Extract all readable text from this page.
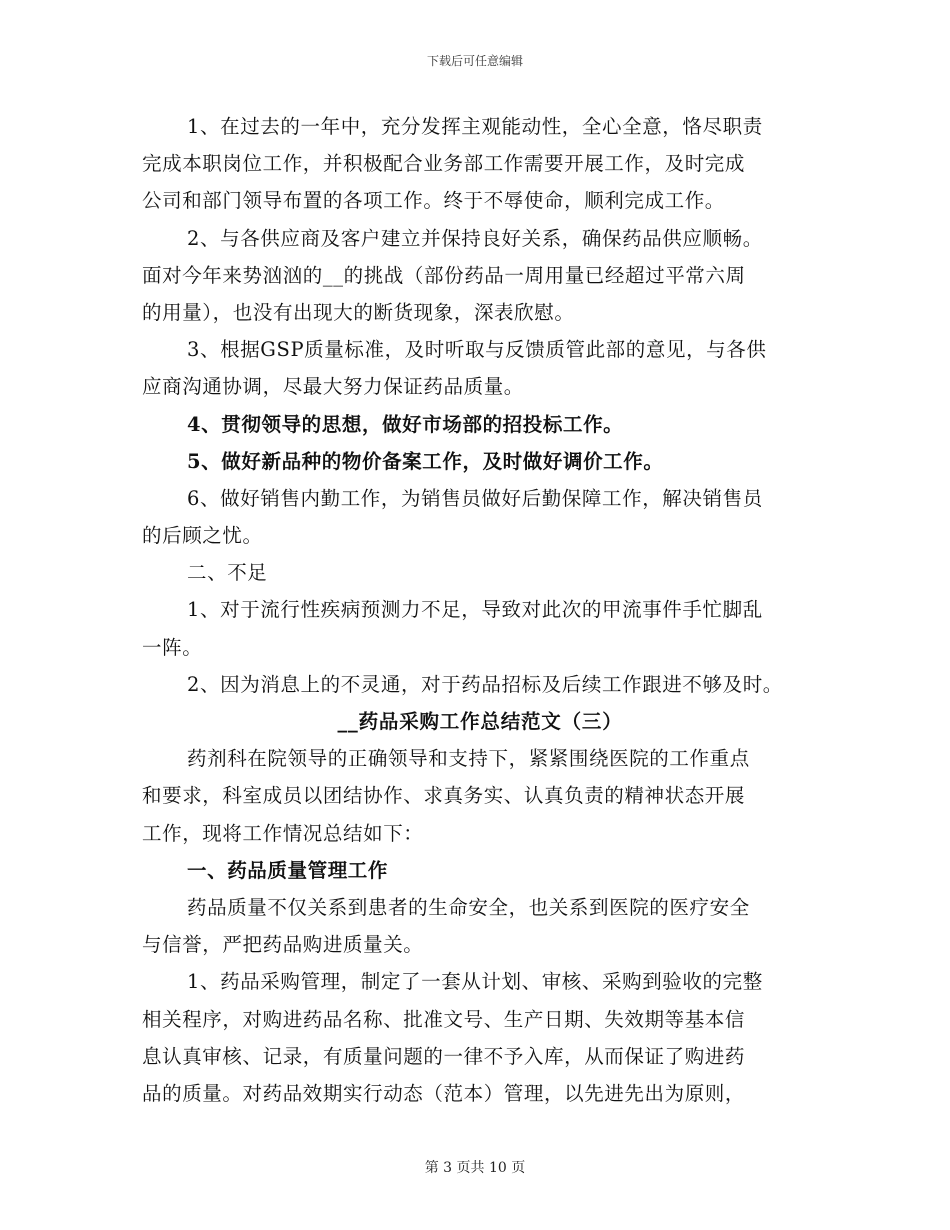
下载后可任意编辑
1、在过去的一年中，充分发挥主观能动性，全心全意，恪尽职责
完成本职岗位工作，并积极配合业务部工作需要开展工作，及时完成
公司和部门领导布置的各项工作。终于不辱使命，顺利完成工作。
2、与各供应商及客户建立并保持良好关系，确保药品供应顺畅。
面对今年来势汹汹的__的挑战（部份药品一周用量已经超过平常六周
的用量），也没有出现大的断货现象，深表欣慰。
3、根据GSP质量标准，及时听取与反馈质管此部的意见，与各供
应商沟通协调，尽最大努力保证药品质量。
4、贯彻领导的思想，做好市场部的招投标工作。
5、做好新品种的物价备案工作，及时做好调价工作。
6、做好销售内勤工作，为销售员做好后勤保障工作，解决销售员
的后顾之忧。
二、不足
1、对于流行性疾病预测力不足，导致对此次的甲流事件手忙脚乱
一阵。
2、因为消息上的不灵通，对于药品招标及后续工作跟进不够及时。
__药品采购工作总结范文（三）
药剂科在院领导的正确领导和支持下，紧紧围绕医院的工作重点
和要求，科室成员以团结协作、求真务实、认真负责的精神状态开展
工作，现将工作情况总结如下：
一、药品质量管理工作
药品质量不仅关系到患者的生命安全，也关系到医院的医疗安全
与信誉，严把药品购进质量关。
1、药品采购管理，制定了一套从计划、审核、采购到验收的完整
相关程序，对购进药品名称、批准文号、生产日期、失效期等基本信
息认真审核、记录，有质量问题的一律不予入库，从而保证了购进药
品的质量。对药品效期实行动态（范本）管理，以先进先出为原则，
第 3 页共 10 页
